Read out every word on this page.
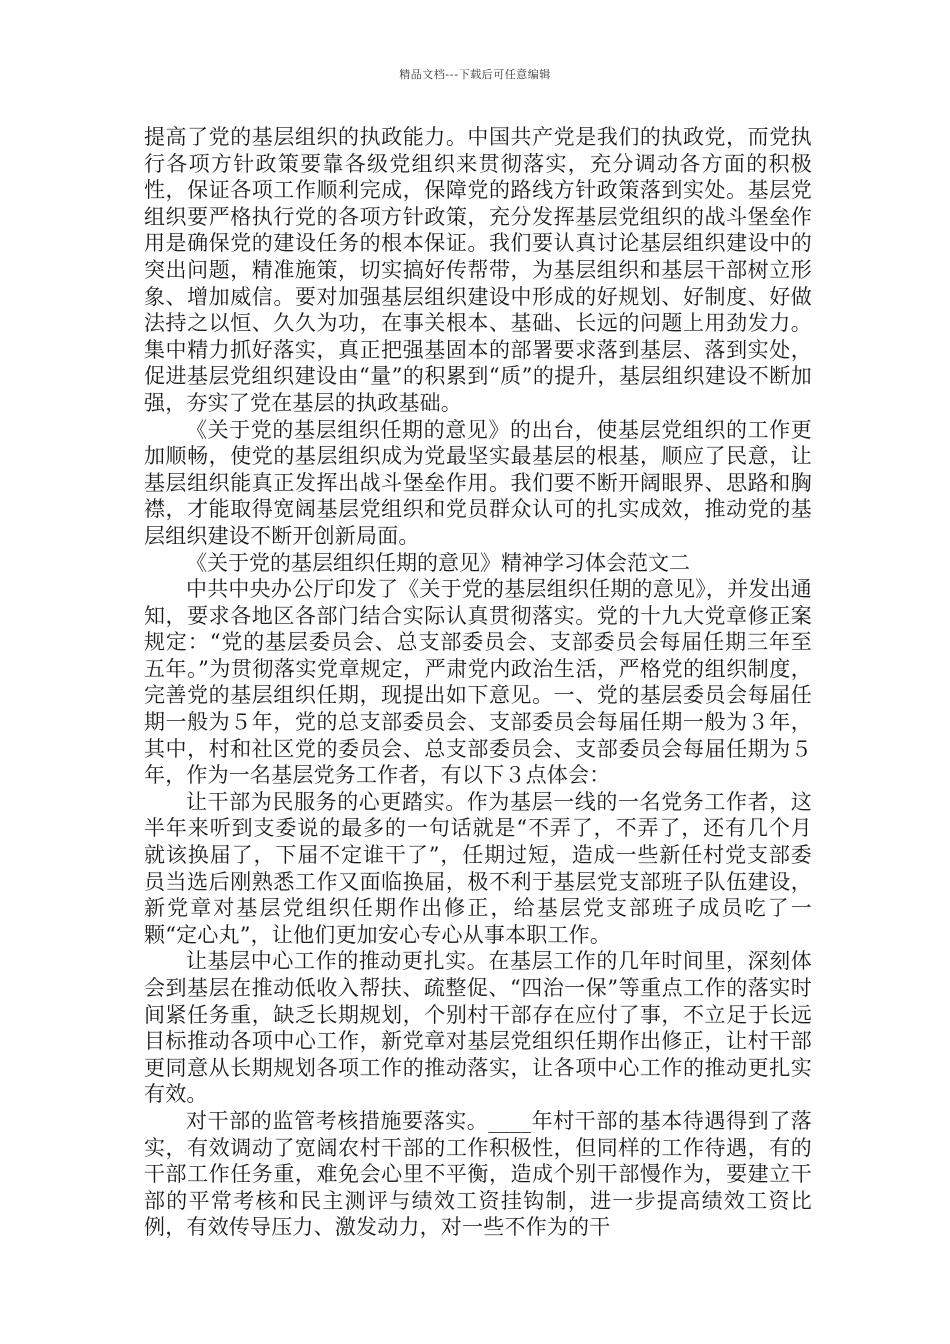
精品文档---下载后可任意编辑

提高了党的基层组织的执政能力。中国共产党是我们的执政党，而党执行各项方针政策要靠各级党组织来贯彻落实，充分调动各方面的积极性，保证各项工作顺利完成，保障党的路线方针政策落到实处。基层党组织要严格执行党的各项方针政策，充分发挥基层党组织的战斗堡垒作用是确保党的建设任务的根本保证。我们要认真讨论基层组织建设中的突出问题，精准施策，切实搞好传帮带，为基层组织和基层干部树立形象、增加威信。要对加强基层组织建设中形成的好规划、好制度、好做法持之以恒、久久为功，在事关根本、基础、长远的问题上用劲发力。集中精力抓好落实，真正把强基固本的部署要求落到基层、落到实处，促进基层党组织建设由“量”的积累到“质”的提升，基层组织建设不断加强，夯实了党在基层的执政基础。

《关于党的基层组织任期的意见》的出台，使基层党组织的工作更加顺畅，使党的基层组织成为党最坚实最基层的根基，顺应了民意，让基层组织能真正发挥出战斗堡垒作用。我们要不断开阔眼界、思路和胸襟，才能取得宽阔基层党组织和党员群众认可的扎实成效，推动党的基层组织建设不断开创新局面。

《关于党的基层组织任期的意见》精神学习体会范文二

中共中央办公厅印发了《关于党的基层组织任期的意见》，并发出通知，要求各地区各部门结合实际认真贯彻落实。党的十九大党章修正案规定：“党的基层委员会、总支部委员会、支部委员会每届任期三年至五年。”为贯彻落实党章规定，严肃党内政治生活，严格党的组织制度，完善党的基层组织任期，现提出如下意见。一、党的基层委员会每届任期一般为５年，党的总支部委员会、支部委员会每届任期一般为３年，其中，村和社区党的委员会、总支部委员会、支部委员会每届任期为５年，作为一名基层党务工作者，有以下３点体会：

让干部为民服务的心更踏实。作为基层一线的一名党务工作者，这半年来听到支委说的最多的一句话就是“不弄了，不弄了，还有几个月就该换届了，下届不定谁干了”，任期过短，造成一些新任村党支部委员当选后刚熟悉工作又面临换届，极不利于基层党支部班子队伍建设，新党章对基层党组织任期作出修正，给基层党支部班子成员吃了一颗“定心丸”，让他们更加安心专心从事本职工作。

让基层中心工作的推动更扎实。在基层工作的几年时间里，深刻体会到基层在推动低收入帮扶、疏整促、“四治一保”等重点工作的落实时间紧任务重，缺乏长期规划，个别村干部存在应付了事，不立足于长远目标推动各项中心工作，新党章对基层党组织任期作出修正，让村干部更同意从长期规划各项工作的推动落实，让各项中心工作的推动更扎实有效。

对干部的监管考核措施要落实。____年村干部的基本待遇得到了落实，有效调动了宽阔农村干部的工作积极性，但同样的工作待遇，有的干部工作任务重，难免会心里不平衡，造成个别干部慢作为，要建立干部的平常考核和民主测评与绩效工资挂钩制，进一步提高绩效工资比例，有效传导压力、激发动力，对一些不作为的干
